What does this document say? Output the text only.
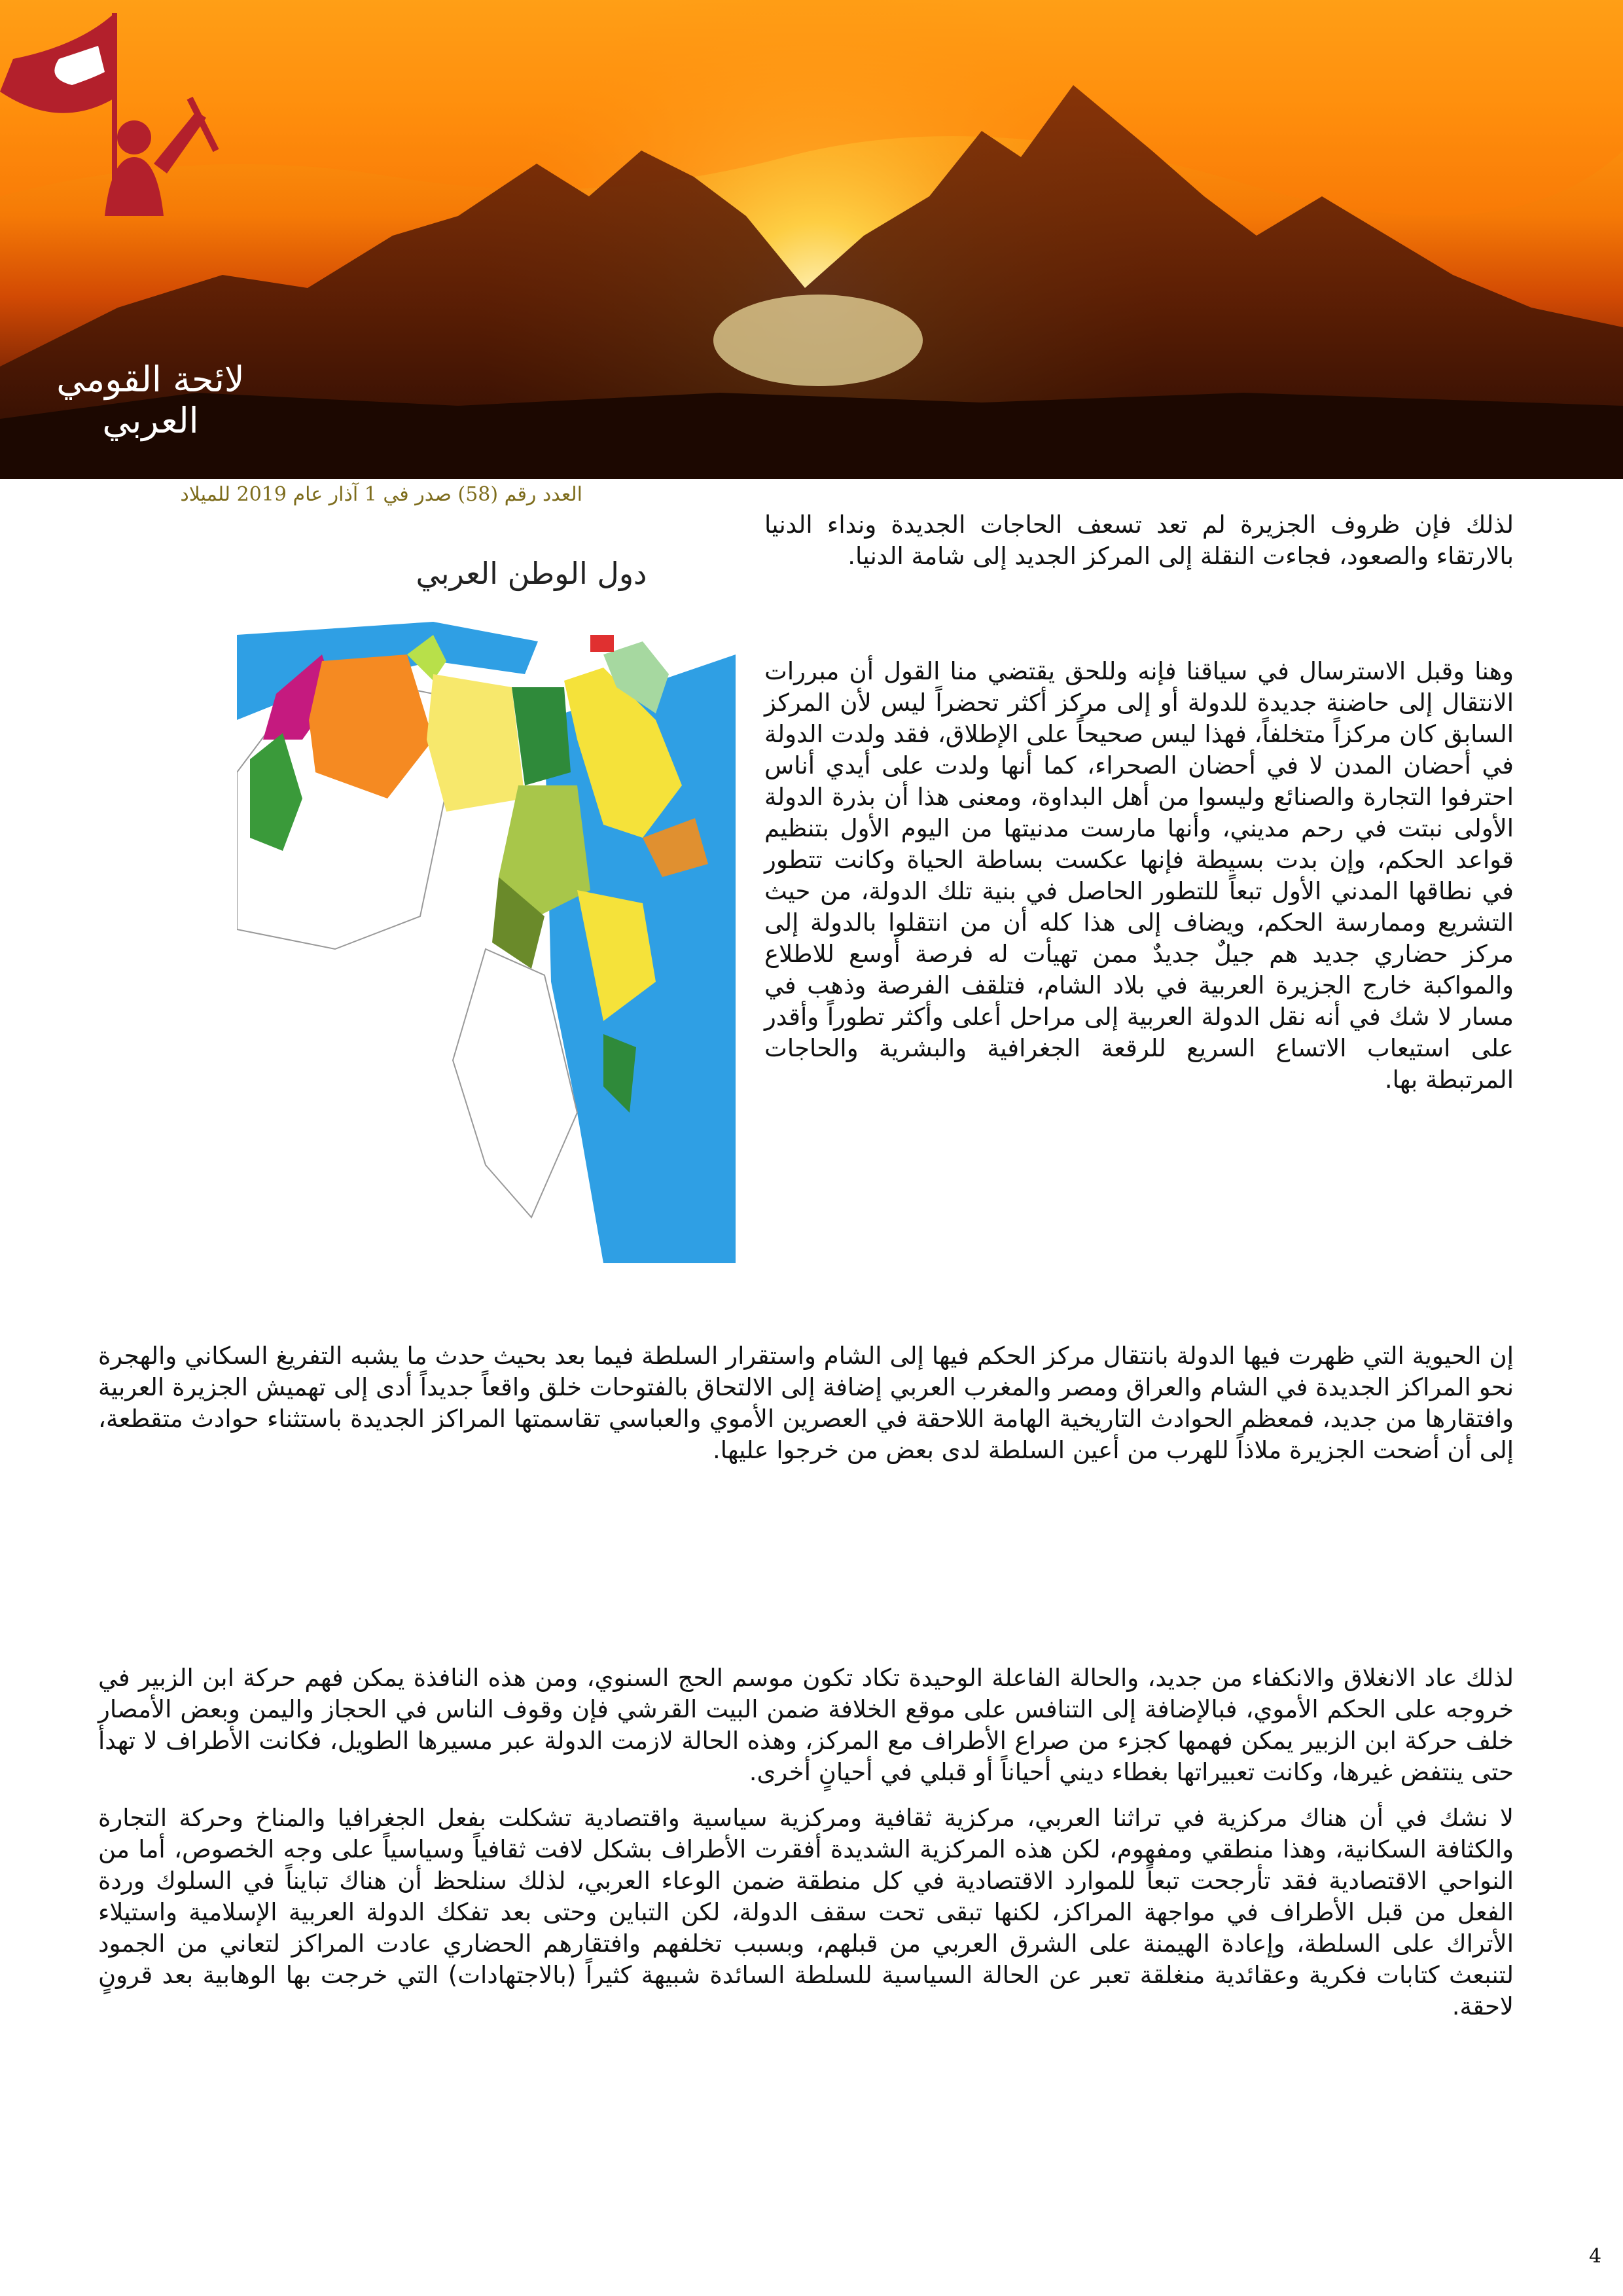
لائحة القومي العربي
العدد رقم (58) صدر في 1 آذار عام 2019 للميلاد
دول الوطن العربي

لذلك فإن ظروف الجزيرة لم تعد تسعف الحاجات الجديدة ونداء الدنيا بالارتقاء والصعود، فجاءت النقلة إلى المركز الجديد إلى شامة الدنيا.

وهنا وقبل الاسترسال في سياقنا فإنه وللحق يقتضي منا القول أن مبررات الانتقال إلى حاضنة جديدة للدولة أو إلى مركز أكثر تحضراً ليس لأن المركز السابق كان مركزاً متخلفاً، فهذا ليس صحيحاً على الإطلاق، فقد ولدت الدولة في أحضان المدن لا في أحضان الصحراء، كما أنها ولدت على أيدي أناس احترفوا التجارة والصنائع وليسوا من أهل البداوة، ومعنى هذا أن بذرة الدولة الأولى نبتت في رحم مديني، وأنها مارست مدنيتها من اليوم الأول بتنظيم قواعد الحكم، وإن بدت بسيطة فإنها عكست بساطة الحياة وكانت تتطور في نطاقها المدني الأول تبعاً للتطور الحاصل في بنية تلك الدولة، من حيث التشريع وممارسة الحكم، ويضاف إلى هذا كله أن من انتقلوا بالدولة إلى مركز حضاري جديد هم جيلٌ جديدٌ ممن تهيأت له فرصة أوسع للاطلاع والمواكبة خارج الجزيرة العربية في بلاد الشام، فتلقف الفرصة وذهب في مسار لا شك في أنه نقل الدولة العربية إلى مراحل أعلى وأكثر تطوراً وأقدر على استيعاب الاتساع السريع للرقعة الجغرافية والبشرية والحاجات المرتبطة بها.

إن الحيوية التي ظهرت فيها الدولة بانتقال مركز الحكم فيها إلى الشام واستقرار السلطة فيما بعد بحيث حدث ما يشبه التفريغ السكاني والهجرة نحو المراكز الجديدة في الشام والعراق ومصر والمغرب العربي إضافة إلى الالتحاق بالفتوحات خلق واقعاً جديداً أدى إلى تهميش الجزيرة العربية وافتقارها من جديد، فمعظم الحوادث التاريخية الهامة اللاحقة في العصرين الأموي والعباسي تقاسمتها المراكز الجديدة باستثناء حوادث متقطعة، إلى أن أضحت الجزيرة ملاذاً للهرب من أعين السلطة لدى بعض من خرجوا عليها.

لذلك عاد الانغلاق والانكفاء من جديد، والحالة الفاعلة الوحيدة تكاد تكون موسم الحج السنوي، ومن هذه النافذة يمكن فهم حركة ابن الزبير في خروجه على الحكم الأموي، فبالإضافة إلى التنافس على موقع الخلافة ضمن البيت القرشي فإن وقوف الناس في الحجاز واليمن وبعض الأمصار خلف حركة ابن الزبير يمكن فهمها كجزء من صراع الأطراف مع المركز، وهذه الحالة لازمت الدولة عبر مسيرها الطويل، فكانت الأطراف لا تهدأ حتى ينتفض غيرها، وكانت تعبيراتها بغطاء ديني أحياناً أو قبلي في أحيانٍ أخرى.

لا نشك في أن هناك مركزية في تراثنا العربي، مركزية ثقافية ومركزية سياسية واقتصادية تشكلت بفعل الجغرافيا والمناخ وحركة التجارة والكثافة السكانية، وهذا منطقي ومفهوم، لكن هذه المركزية الشديدة أفقرت الأطراف بشكل لافت ثقافياً وسياسياً على وجه الخصوص، أما من النواحي الاقتصادية فقد تأرجحت تبعاً للموارد الاقتصادية في كل منطقة ضمن الوعاء العربي، لذلك سنلحظ أن هناك تبايناً في السلوك وردة الفعل من قبل الأطراف في مواجهة المراكز، لكنها تبقى تحت سقف الدولة، لكن التباين وحتى بعد تفكك الدولة العربية الإسلامية واستيلاء الأتراك على السلطة، وإعادة الهيمنة على الشرق العربي من قبلهم، وبسبب تخلفهم وافتقارهم الحضاري عادت المراكز لتعاني من الجمود لتنبعث كتابات فكرية وعقائدية منغلقة تعبر عن الحالة السياسية للسلطة السائدة شبيهة كثيراً (بالاجتهادات) التي خرجت بها الوهابية بعد قرونٍ لاحقة.

4
